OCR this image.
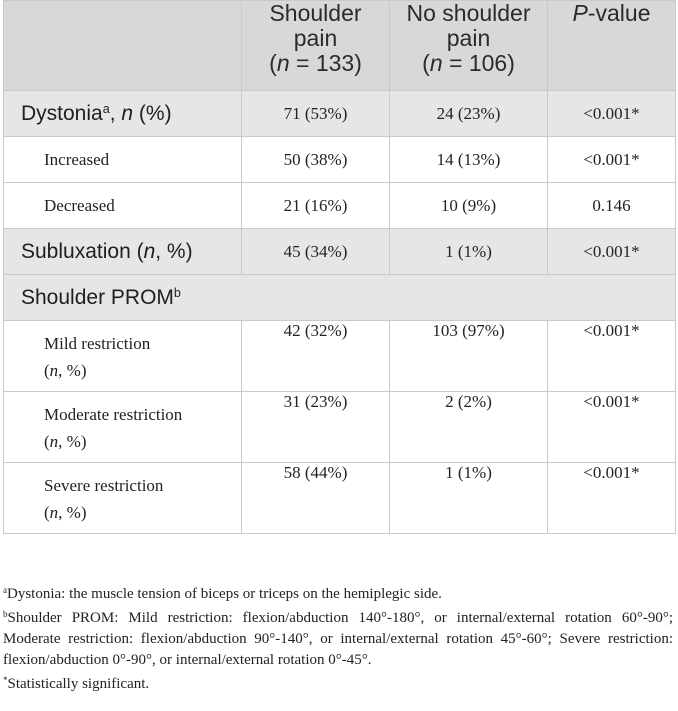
	Shoulder
pain
(n = 133)	No shoulder
pain
(n = 106)	P-value
Dystonia$^a$, n (%)	71 (53%)	24 (23%)	<0.001*
Increased	50 (38%)	14 (13%)	<0.001*
Decreased	21 (16%)	10 (9%)	0.146
Subluxation (n, %)	45 (34%)	1 (1%)	<0.001*
Shoulder PROM$^b$
Mild restriction
(n, %)	42 (32%)	103 (97%)	<0.001*
Moderate restriction
(n, %)	31 (23%)	2 (2%)	<0.001*
Severe restriction
(n, %)	58 (44%)	1 (1%)	<0.001*

$^a$Dystonia: the muscle tension of biceps or triceps on the hemiplegic side.

$^b$Shoulder PROM: Mild restriction: flexion/abduction 140°-180°, or internal/external rotation 60°-90°; Moderate restriction: flexion/abduction 90°-140°, or internal/external rotation 45°-60°; Severe restriction: flexion/abduction 0°-90°, or internal/external rotation 0°-45°.

*Statistically significant.
